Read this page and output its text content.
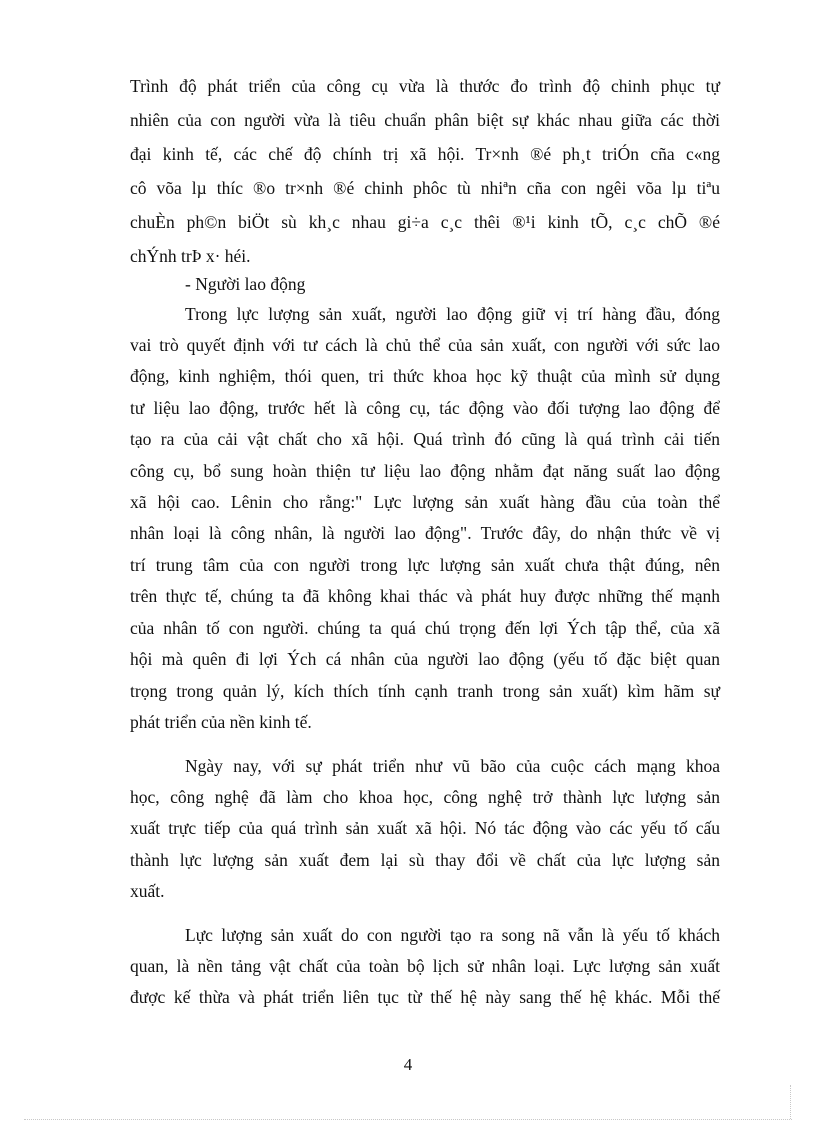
Trình độ phát triển của công cụ vừa là thước đo trình độ chinh phục tự
nhiên của con người vừa là tiêu chuẩn phân biệt sự khác nhau giữa các thời
đại kinh tế, các chế độ chính trị xã hội. Tr×nh ®é ph¸t triÓn cña c«ng
cô võa lµ thíc ®o tr×nh ®é chinh phôc tù nhiªn cña con ngêi võa lµ tiªu
chuÈn ph©n biÖt sù kh¸c nhau gi÷a c¸c thêi ®¹i kinh tÕ, c¸c chÕ ®é
chÝnh trÞ x· héi.
- Người lao động
Trong lực lượng sản xuất, người lao động giữ vị trí hàng đầu, đóng
vai trò quyết định với tư cách là chủ thể của sản xuất, con người với sức lao
động, kinh nghiệm, thói quen, tri thức khoa học kỹ thuật của mình sử dụng
tư liệu lao động, trước hết là công cụ, tác động vào đối tượng lao động để
tạo ra của cải vật chất cho xã hội. Quá trình đó cũng là quá trình cải tiến
công cụ, bổ sung hoàn thiện tư liệu lao động nhằm đạt năng suất lao động
xã hội cao. Lênin cho rằng:" Lực lượng sản xuất hàng đầu của toàn thể
nhân loại là công nhân, là người lao động". Trước đây, do nhận thức về vị
trí trung tâm của con người trong lực lượng sản xuất chưa thật đúng, nên
trên thực tế, chúng ta đã không khai thác và phát huy được những thế mạnh
của nhân tố con người. chúng ta quá chú trọng đến lợi Ých tập thể, của xã
hội mà quên đi lợi Ých cá nhân của người lao động (yếu tố đặc biệt quan
trọng trong quản lý, kích thích tính cạnh tranh trong sản xuất) kìm hãm sự
phát triển của nền kinh tế.
Ngày nay, với sự phát triển như vũ bão của cuộc cách mạng khoa
học, công nghệ đã làm cho khoa học, công nghệ trở thành lực lượng sản
xuất trực tiếp của quá trình sản xuất xã hội. Nó tác động vào các yếu tố cấu
thành lực lượng sản xuất đem lại sù thay đổi về chất của lực lượng sản
xuất.
Lực lượng sản xuất do con người tạo ra song nã vẫn là yếu tố khách
quan, là nền tảng vật chất của toàn bộ lịch sử nhân loại. Lực lượng sản xuất
được kế thừa và phát triển liên tục từ thế hệ này sang thế hệ khác. Mỗi thế
4
